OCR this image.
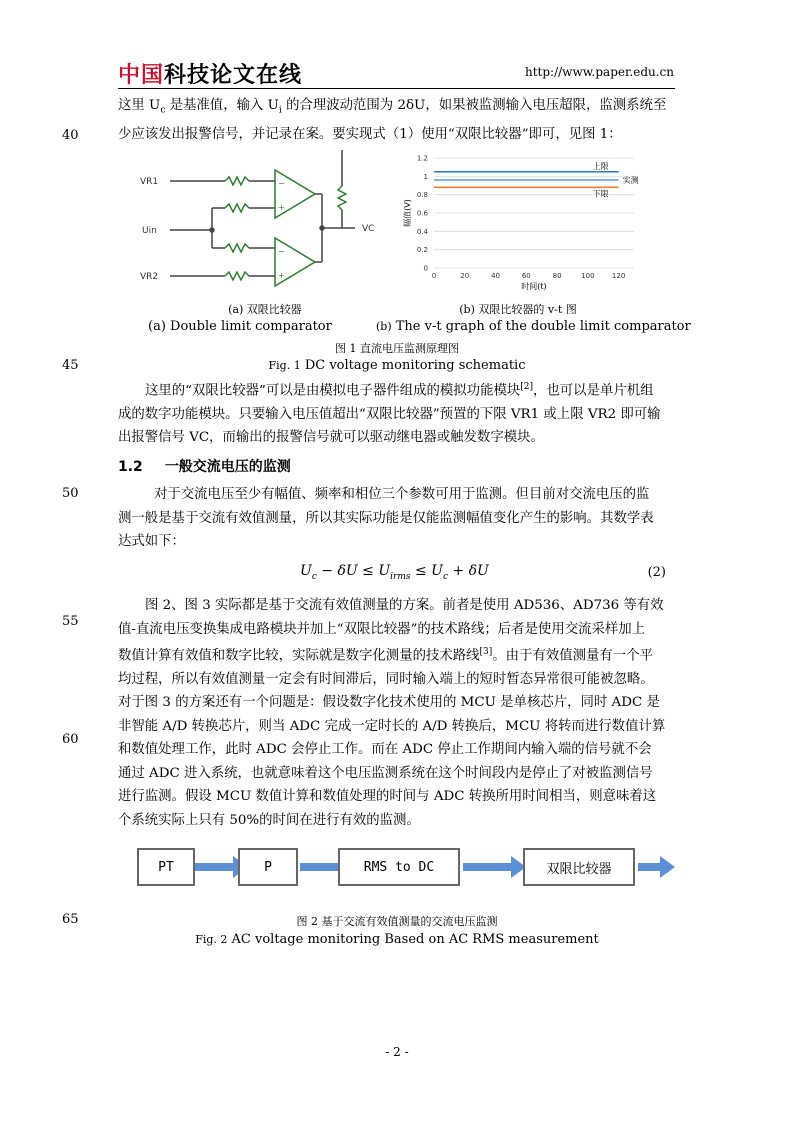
中国科技论文在线	http://www.paper.edu.cn
40
45
50
55
60
65
这里 $U_c$ 是基准值，输入 $U_i$ 的合理波动范围为 2δU，如果被监测输入电压超限，监测系统至
少应该发出报警信号，并记录在案。要实现式（1）使用“双限比较器”即可，见图 1：
VR1
Uin
VR2
VC
−
+
−
+
0
0.2
0.4
0.6
0.8
1
1.2
0	20	40	60	80	100 120
上限
实测
下限
时间(t)
幅值(V)
(a) 双限比较器	(b) 双限比较器的 v-t 图
(a) Double limit comparator	(b) The v-t graph of the double limit comparator
图 1 直流电压监测原理图
Fig. 1 DC voltage monitoring schematic
这里的“双限比较器”可以是由模拟电子器件组成的模拟功能模块[2]，也可以是单片机组
成的数字功能模块。只要输入电压值超出“双限比较器”预置的下限 VR1 或上限 VR2 即可输
出报警信号 VC，而输出的报警信号就可以驱动继电器或触发数字模块。
1.2 一般交流电压的监测
对于交流电压至少有幅值、频率和相位三个参数可用于监测。但目前对交流电压的监
测一般是基于交流有效值测量，所以其实际功能是仅能监测幅值变化产生的影响。其数学表
达式如下：
$U_c - \delta U \le U_{irms} \le U_c + \delta U$	(2)
图 2、图 3 实际都是基于交流有效值测量的方案。前者是使用 AD536、AD736 等有效
值-直流电压变换集成电路模块并加上“双限比较器”的技术路线；后者是使用交流采样加上
数值计算有效值和数字比较，实际就是数字化测量的技术路线[3]。由于有效值测量有一个平
均过程，所以有效值测量一定会有时间滞后，同时输入端上的短时暂态异常很可能被忽略。
对于图 3 的方案还有一个问题是：假设数字化技术使用的 MCU 是单核芯片，同时 ADC 是
非智能 A/D 转换芯片，则当 ADC 完成一定时长的 A/D 转换后，MCU 将转而进行数值计算
和数值处理工作，此时 ADC 会停止工作。而在 ADC 停止工作期间内输入端的信号就不会
通过 ADC 进入系统，也就意味着这个电压监测系统在这个时间段内是停止了对被监测信号
进行监测。假设 MCU 数值计算和数值处理的时间与 ADC 转换所用时间相当，则意味着这
个系统实际上只有 50%的时间在进行有效的监测。
PT	P	RMS to DC	双限比较器
图 2 基于交流有效值测量的交流电压监测
Fig. 2 AC voltage monitoring Based on AC RMS measurement
- 2 -
